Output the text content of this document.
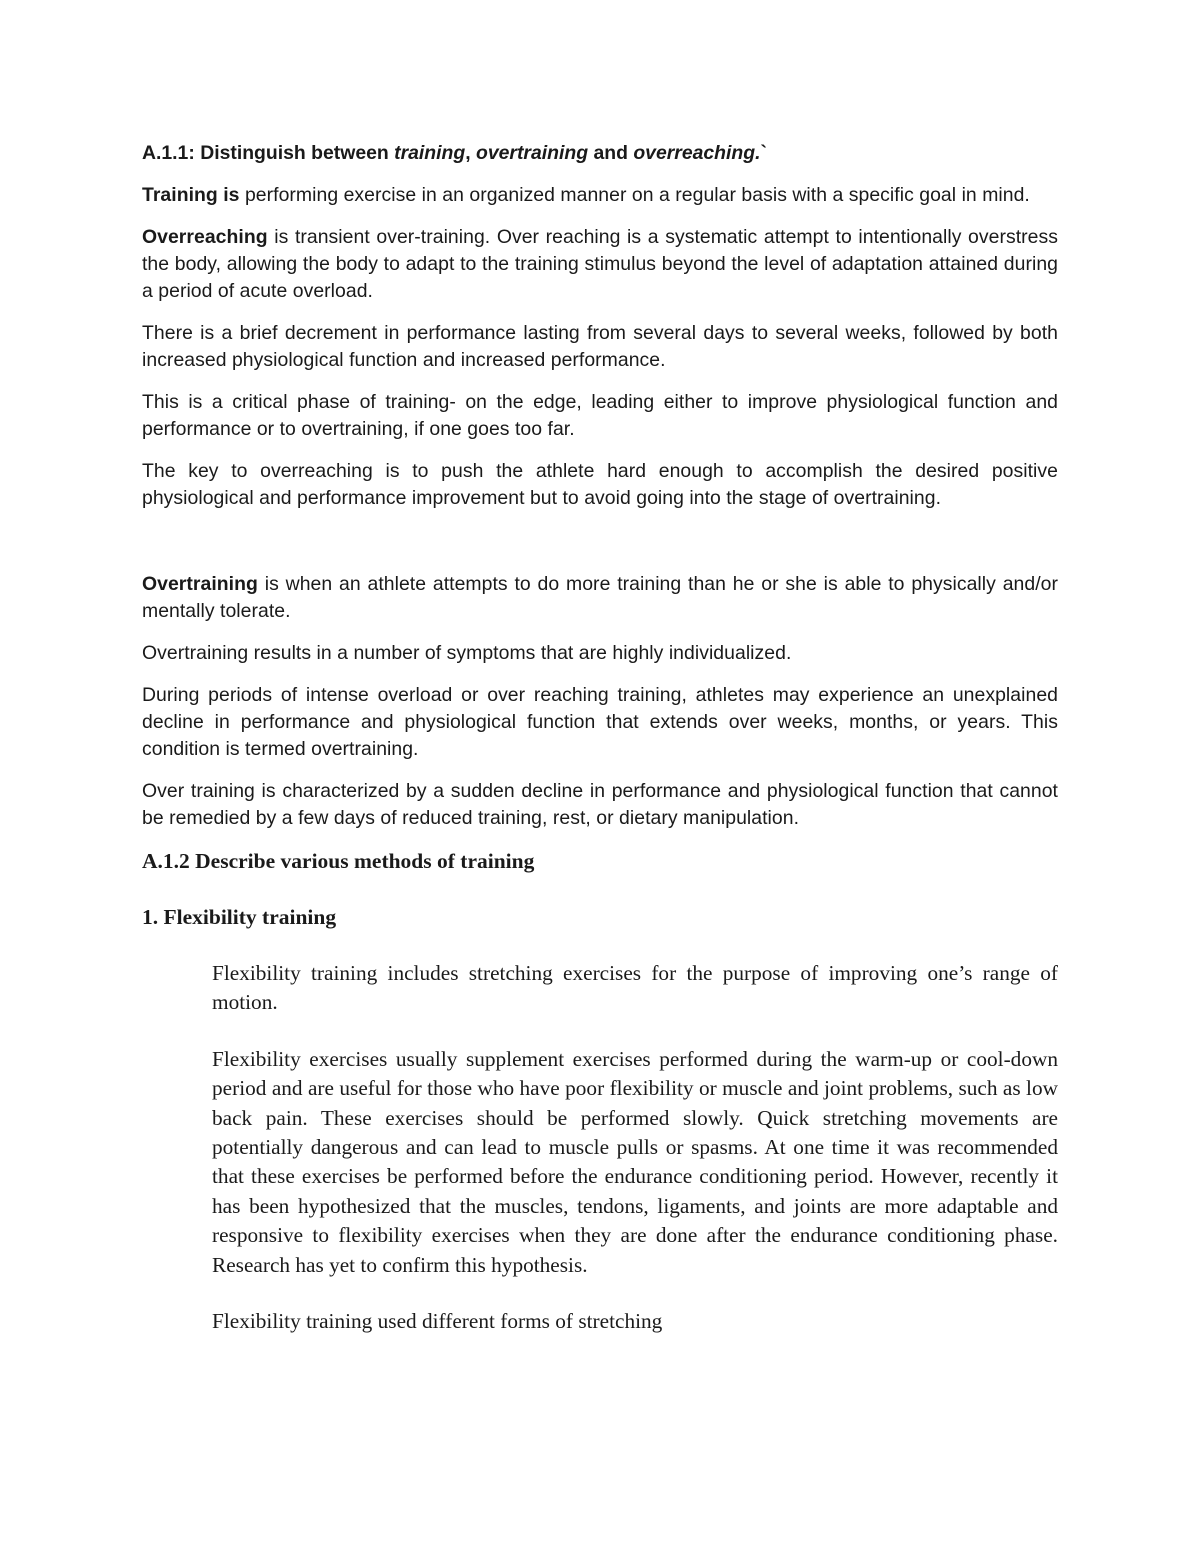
A.1.1: Distinguish between training, overtraining and overreaching.`

Training is performing exercise in an organized manner on a regular basis with a specific goal in mind.

Overreaching is transient over-training. Over reaching is a systematic attempt to intentionally overstress the body, allowing the body to adapt to the training stimulus beyond the level of adaptation attained during a period of acute overload.

There is a brief decrement in performance lasting from several days to several weeks, followed by both increased physiological function and increased performance.

This is a critical phase of training- on the edge, leading either to improve physiological function and performance or to overtraining, if one goes too far.

The key to overreaching is to push the athlete hard enough to accomplish the desired positive physiological and performance improvement but to avoid going into the stage of overtraining.

Overtraining is when an athlete attempts to do more training than he or she is able to physically and/or mentally tolerate.

Overtraining results in a number of symptoms that are highly individualized.

During periods of intense overload or over reaching training, athletes may experience an unexplained decline in performance and physiological function that extends over weeks, months, or years. This condition is termed overtraining.

Over training is characterized by a sudden decline in performance and physiological function that cannot be remedied by a few days of reduced training, rest, or dietary manipulation.

A.1.2 Describe various methods of training
1. Flexibility training

Flexibility training includes stretching exercises for the purpose of improving one’s range of motion.

Flexibility exercises usually supplement exercises performed during the warm-up or cool-down period and are useful for those who have poor flexibility or muscle and joint problems, such as low back pain. These exercises should be performed slowly. Quick stretching movements are potentially dangerous and can lead to muscle pulls or spasms. At one time it was recommended that these exercises be performed before the endurance conditioning period. However, recently it has been hypothesized that the muscles, tendons, ligaments, and joints are more adaptable and responsive to flexibility exercises when they are done after the endurance conditioning phase. Research has yet to confirm this hypothesis.

Flexibility training used different forms of stretching
